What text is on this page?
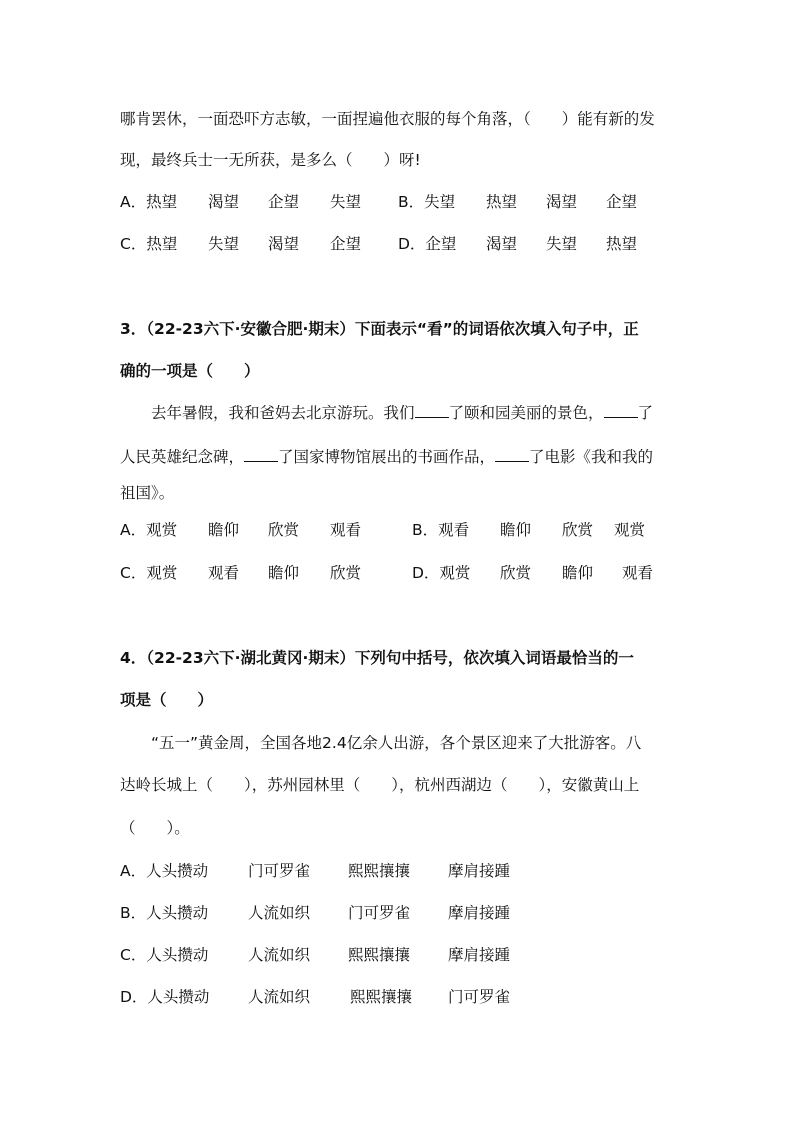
哪肯罢休，一面恐吓方志敏，一面捏遍他衣服的每个角落，（　　）能有新的发
现，最终兵士一无所获，是多么（　　）呀!
A．热望 渴望 企望 失望 B．失望 热望 渴望 企望
C．热望 失望 渴望 企望 D．企望 渴望 失望 热望
3．（22-23六下·安徽合肥·期末）下面表示“看”的词语依次填入句子中，正
确的一项是（　　）
去年暑假，我和爸妈去北京游玩。我们 了颐和园美丽的景色， 了
人民英雄纪念碑， 了国家博物馆展出的书画作品， 了电影《我和我的
祖国》。
A．观赏 瞻仰 欣赏 观看	B．观看 瞻仰 欣赏 观赏
C．观赏 观看 瞻仰 欣赏	D．观赏 欣赏 瞻仰 观看
4．（22-23六下·湖北黄冈·期末）下列句中括号，依次填入词语最恰当的一
项是（　　）
“五一”黄金周，全国各地2.4亿余人出游，各个景区迎来了大批游客。八
达岭长城上（　　），苏州园林里（　　），杭州西湖边（　　），安徽黄山上
（　　）。
A．人头攒动	门可罗雀 熙熙攘攘 摩肩接踵
B．人头攒动	人流如织 门可罗雀 摩肩接踵
C．人头攒动	人流如织 熙熙攘攘 摩肩接踵
D．人头攒动 人流如织	熙熙攘攘 门可罗雀
